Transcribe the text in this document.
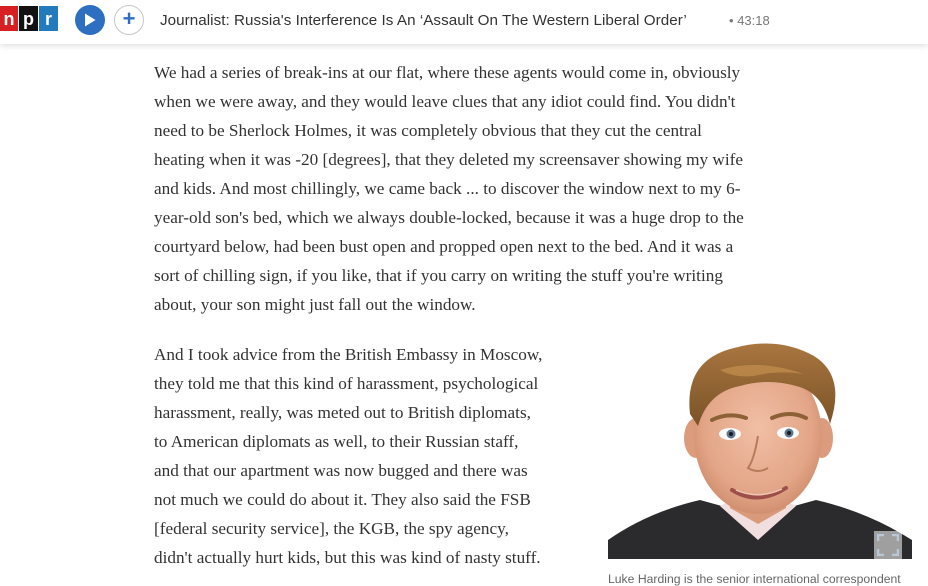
n p r	+ Journalist: Russia's Interference Is An ‘Assault On The Western Liberal Order’	• 43:18
We had a series of break-ins at our flat, where these agents would come in, obviously
when we were away, and they would leave clues that any idiot could find. You didn't
need to be Sherlock Holmes, it was completely obvious that they cut the central
heating when it was -20 [degrees], that they deleted my screensaver showing my wife
and kids. And most chillingly, we came back ... to discover the window next to my 6-
year-old son's bed, which we always double-locked, because it was a huge drop to the
courtyard below, had been bust open and propped open next to the bed. And it was a
sort of chilling sign, if you like, that if you carry on writing the stuff you're writing
about, your son might just fall out the window.
And I took advice from the British Embassy in Moscow,
they told me that this kind of harassment, psychological
harassment, really, was meted out to British diplomats,
to American diplomats as well, to their Russian staff,
and that our apartment was now bugged and there was
not much we could do about it. They also said the FSB
[federal security service], the KGB, the spy agency,
didn't actually hurt kids, but this was kind of nasty stuff.
Luke Harding is the senior international correspondent
